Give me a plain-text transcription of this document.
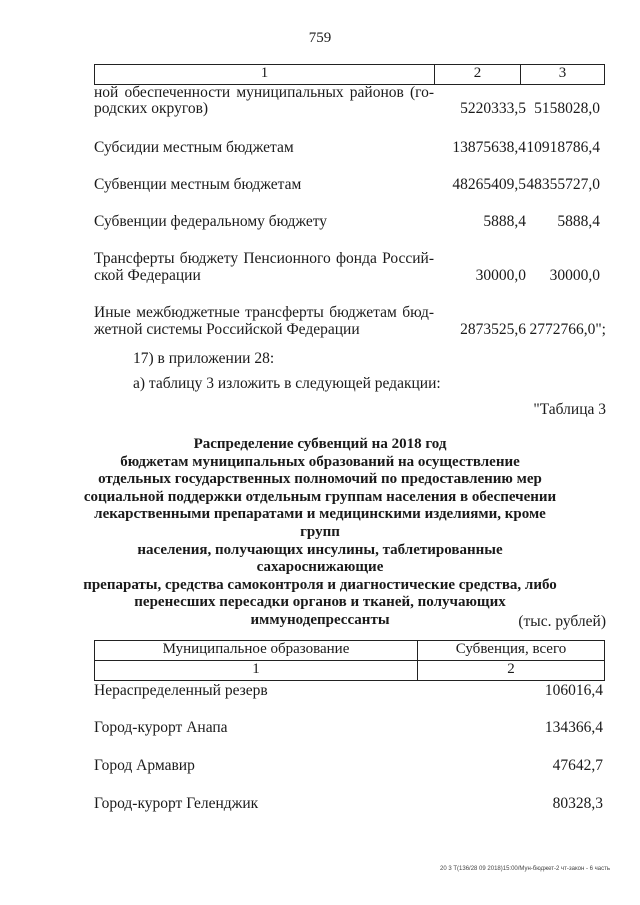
759
1	2	3
ной обеспеченности муниципальных районов (го-
родских округов)	5220333,5 5158028,0
Субсидии местным бюджетам	13875638,4 10918786,4
Субвенции местным бюджетам	48265409,5 48355727,0
Субвенции федеральному бюджету	5888,4	5888,4
Трансферты бюджету Пенсионного фонда Россий-
ской Федерации	30000,0	30000,0
Иные межбюджетные трансферты бюджетам бюд-
жетной системы Российской Федерации	2873525,6 2772766,0";
17) в приложении 28:
а) таблицу 3 изложить в следующей редакции:
"Таблица 3
Распределение субвенций на 2018 год
бюджетам муниципальных образований на осуществление
отдельных государственных полномочий по предоставлению мер
социальной поддержки отдельным группам населения в обеспечении
лекарственными препаратами и медицинскими изделиями, кроме групп
населения, получающих инсулины, таблетированные сахароснижающие
препараты, средства самоконтроля и диагностические средства, либо
перенесших пересадки органов и тканей, получающих
иммунодепрессанты	(тыс. рублей)
Муниципальное образование	Субвенция, всего
1	2
Нераспределенный резерв	106016,4
Город-курорт Анапа	134366,4
Город Армавир	47642,7
Город-курорт Геленджик	80328,3
20 3 Т(136/28 09 2018)15:00/Мун-бюджет-2 чт-закон - 6 часть
